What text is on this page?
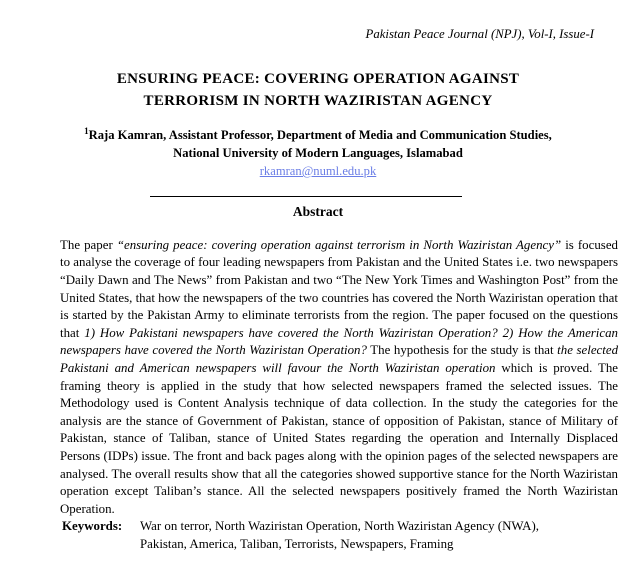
Pakistan Peace Journal (NPJ), Vol-I, Issue-I
ENSURING PEACE: COVERING OPERATION AGAINST
TERRORISM IN NORTH WAZIRISTAN AGENCY
$^1$Raja Kamran, Assistant Professor, Department of Media and Communication Studies,
National University of Modern Languages, Islamabad
rkamran@numl.edu.pk
Abstract

The paper “ensuring peace: covering operation against terrorism in North Waziristan Agency” is focused to analyse the coverage of four leading newspapers from Pakistan and the United States i.e. two newspapers “Daily Dawn and The News” from Pakistan and two “The New York Times and Washington Post” from the United States, that how the newspapers of the two countries has covered the North Waziristan operation that is started by the Pakistan Army to eliminate terrorists from the region. The paper focused on the questions that 1) How Pakistani newspapers have covered the North Waziristan Operation? 2) How the American newspapers have covered the North Waziristan Operation? The hypothesis for the study is that the selected Pakistani and American newspapers will favour the North Waziristan operation which is proved. The framing theory is applied in the study that how selected newspapers framed the selected issues. The Methodology used is Content Analysis technique of data collection. In the study the categories for the analysis are the stance of Government of Pakistan, stance of opposition of Pakistan, stance of Military of Pakistan, stance of Taliban, stance of United States regarding the operation and Internally Displaced Persons (IDPs) issue. The front and back pages along with the opinion pages of the selected newspapers are analysed. The overall results show that all the categories showed supportive stance for the North Waziristan operation except Taliban’s stance. All the selected newspapers positively framed the North Waziristan Operation.

Keywords:	War on terror, North Waziristan Operation, North Waziristan Agency (NWA), Pakistan, America, Taliban, Terrorists, Newspapers, Framing
